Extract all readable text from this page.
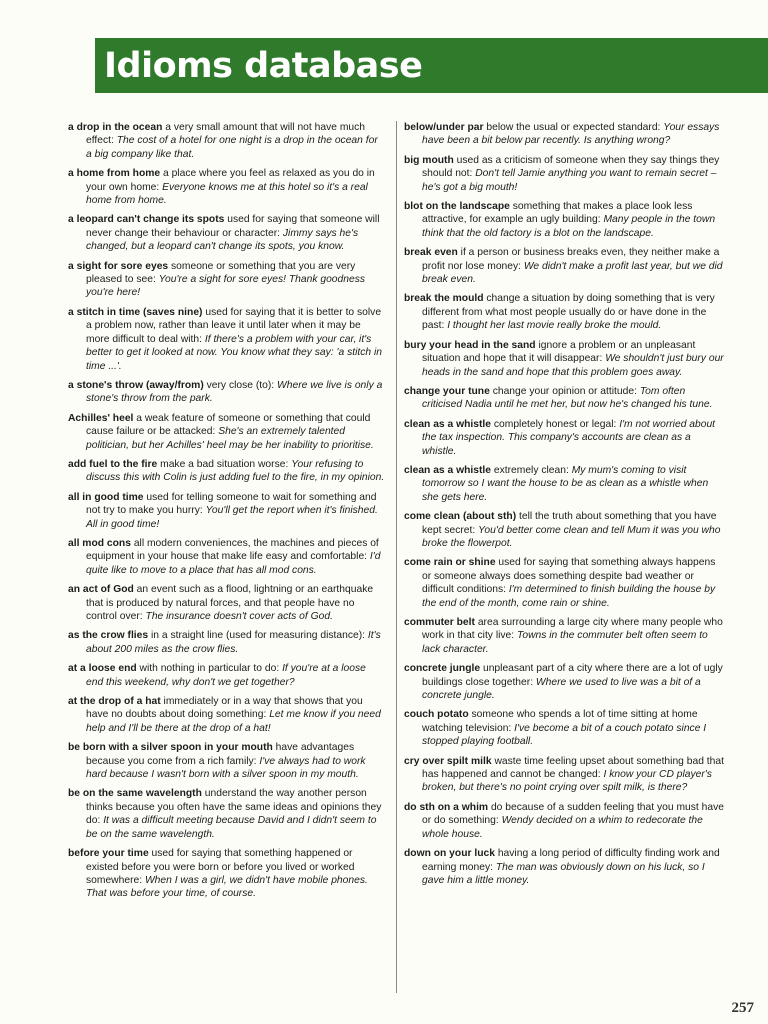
Idioms database

a drop in the ocean a very small amount that will not have much effect: The cost of a hotel for one night is a drop in the ocean for a big company like that.

a home from home a place where you feel as relaxed as you do in your own home: Everyone knows me at this hotel so it's a real home from home.

a leopard can't change its spots used for saying that someone will never change their behaviour or character: Jimmy says he's changed, but a leopard can't change its spots, you know.

a sight for sore eyes someone or something that you are very pleased to see: You're a sight for sore eyes! Thank goodness you're here!

a stitch in time (saves nine) used for saying that it is better to solve a problem now, rather than leave it until later when it may be more difficult to deal with: If there's a problem with your car, it's better to get it looked at now. You know what they say: 'a stitch in time ...'.

a stone's throw (away/from) very close (to): Where we live is only a stone's throw from the park.

Achilles' heel a weak feature of someone or something that could cause failure or be attacked: She's an extremely talented politician, but her Achilles' heel may be her inability to prioritise.

add fuel to the fire make a bad situation worse: Your refusing to discuss this with Colin is just adding fuel to the fire, in my opinion.

all in good time used for telling someone to wait for something and not try to make you hurry: You'll get the report when it's finished. All in good time!

all mod cons all modern conveniences, the machines and pieces of equipment in your house that make life easy and comfortable: I'd quite like to move to a place that has all mod cons.

an act of God an event such as a flood, lightning or an earthquake that is produced by natural forces, and that people have no control over: The insurance doesn't cover acts of God.

as the crow flies in a straight line (used for measuring distance): It's about 200 miles as the crow flies.

at a loose end with nothing in particular to do: If you're at a loose end this weekend, why don't we get together?

at the drop of a hat immediately or in a way that shows that you have no doubts about doing something: Let me know if you need help and I'll be there at the drop of a hat!

be born with a silver spoon in your mouth have advantages because you come from a rich family: I've always had to work hard because I wasn't born with a silver spoon in my mouth.

be on the same wavelength understand the way another person thinks because you often have the same ideas and opinions they do: It was a difficult meeting because David and I didn't seem to be on the same wavelength.

before your time used for saying that something happened or existed before you were born or before you lived or worked somewhere: When I was a girl, we didn't have mobile phones. That was before your time, of course.

below/under par below the usual or expected standard: Your essays have been a bit below par recently. Is anything wrong?

big mouth used as a criticism of someone when they say things they should not: Don't tell Jamie anything you want to remain secret – he's got a big mouth!

blot on the landscape something that makes a place look less attractive, for example an ugly building: Many people in the town think that the old factory is a blot on the landscape.

break even if a person or business breaks even, they neither make a profit nor lose money: We didn't make a profit last year, but we did break even.

break the mould change a situation by doing something that is very different from what most people usually do or have done in the past: I thought her last movie really broke the mould.

bury your head in the sand ignore a problem or an unpleasant situation and hope that it will disappear: We shouldn't just bury our heads in the sand and hope that this problem goes away.

change your tune change your opinion or attitude: Tom often criticised Nadia until he met her, but now he's changed his tune.

clean as a whistle completely honest or legal: I'm not worried about the tax inspection. This company's accounts are clean as a whistle.

clean as a whistle extremely clean: My mum's coming to visit tomorrow so I want the house to be as clean as a whistle when she gets here.

come clean (about sth) tell the truth about something that you have kept secret: You'd better come clean and tell Mum it was you who broke the flowerpot.

come rain or shine used for saying that something always happens or someone always does something despite bad weather or difficult conditions: I'm determined to finish building the house by the end of the month, come rain or shine.

commuter belt area surrounding a large city where many people who work in that city live: Towns in the commuter belt often seem to lack character.

concrete jungle unpleasant part of a city where there are a lot of ugly buildings close together: Where we used to live was a bit of a concrete jungle.

couch potato someone who spends a lot of time sitting at home watching television: I've become a bit of a couch potato since I stopped playing football.

cry over spilt milk waste time feeling upset about something bad that has happened and cannot be changed: I know your CD player's broken, but there's no point crying over spilt milk, is there?

do sth on a whim do because of a sudden feeling that you must have or do something: Wendy decided on a whim to redecorate the whole house.

down on your luck having a long period of difficulty finding work and earning money: The man was obviously down on his luck, so I gave him a little money.

257
